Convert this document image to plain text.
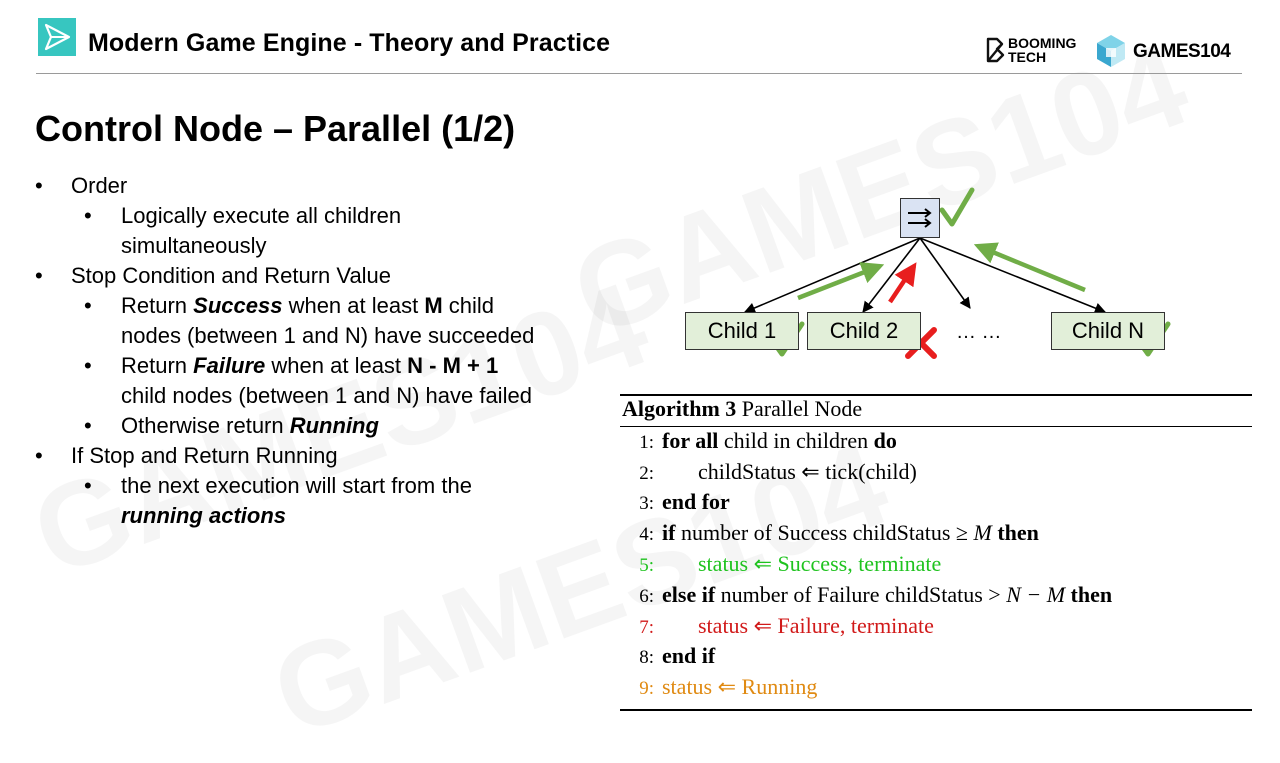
Modern Game Engine - Theory and Practice	BOOMING
TECH	GAMES104
Control Node – Parallel (1/2)
• Order
• Logically execute all children
simultaneously
• Stop Condition and Return Value
• Return Success when at least M child
nodes (between 1 and N) have succeeded
• Return Failure when at least N - M + 1
child nodes (between 1 and N) have failed
• Otherwise return Running
• If Stop and Return Running
• the next execution will start from the
running actions
Child 1	Child 2	… …	Child N
Algorithm 3 Parallel Node
1: for all child in children do
2: childStatus ⇐ tick(child)
3: end for
4: if number of Success childStatus ≥ M then
5: status ⇐ Success, terminate
6: else if number of Failure childStatus > N − M then
7: status ⇐ Failure, terminate
8: end if
9: status ⇐ Running
